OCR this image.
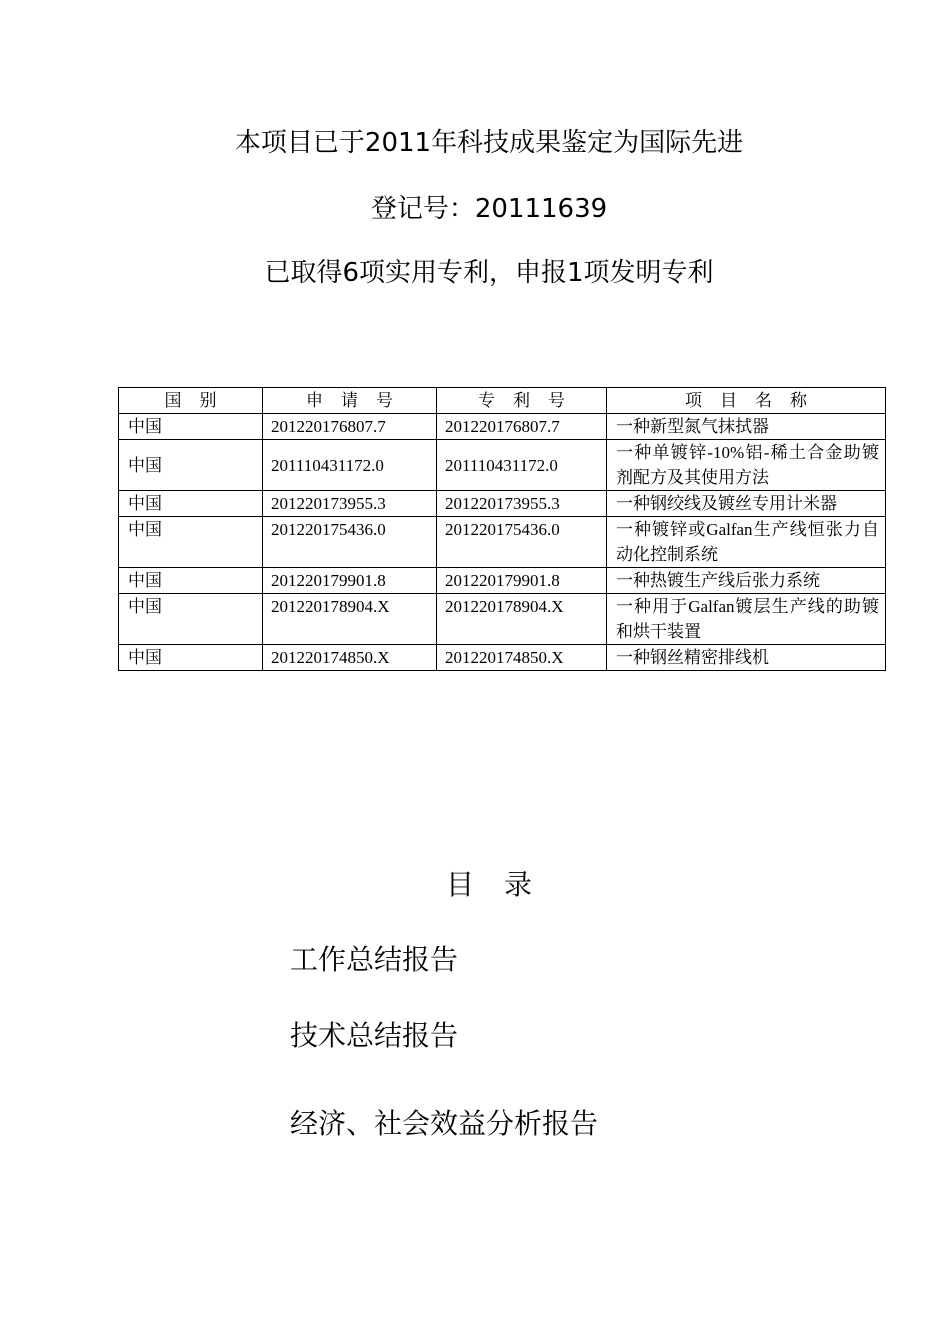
本项目已于2011年科技成果鉴定为国际先进
登记号：20111639
已取得6项实用专利，申报1项发明专利
国别	申请号	专利号	项目名称
中国	201220176807.7	201220176807.7	一种新型氮气抹拭器
中国	201110431172.0	201110431172.0	一种单镀锌-10%铝-稀土合金助镀剂配方及其使用方法
中国	201220173955.3	201220173955.3	一种钢绞线及镀丝专用计米器
中国	201220175436.0	201220175436.0	一种镀锌或Galfan生产线恒张力自动化控制系统
中国	201220179901.8	201220179901.8	一种热镀生产线后张力系统
中国	201220178904.X	201220178904.X	一种用于Galfan镀层生产线的助镀和烘干装置
中国	201220174850.X	201220174850.X	一种钢丝精密排线机
目录
工作总结报告
技术总结报告
经济、社会效益分析报告
